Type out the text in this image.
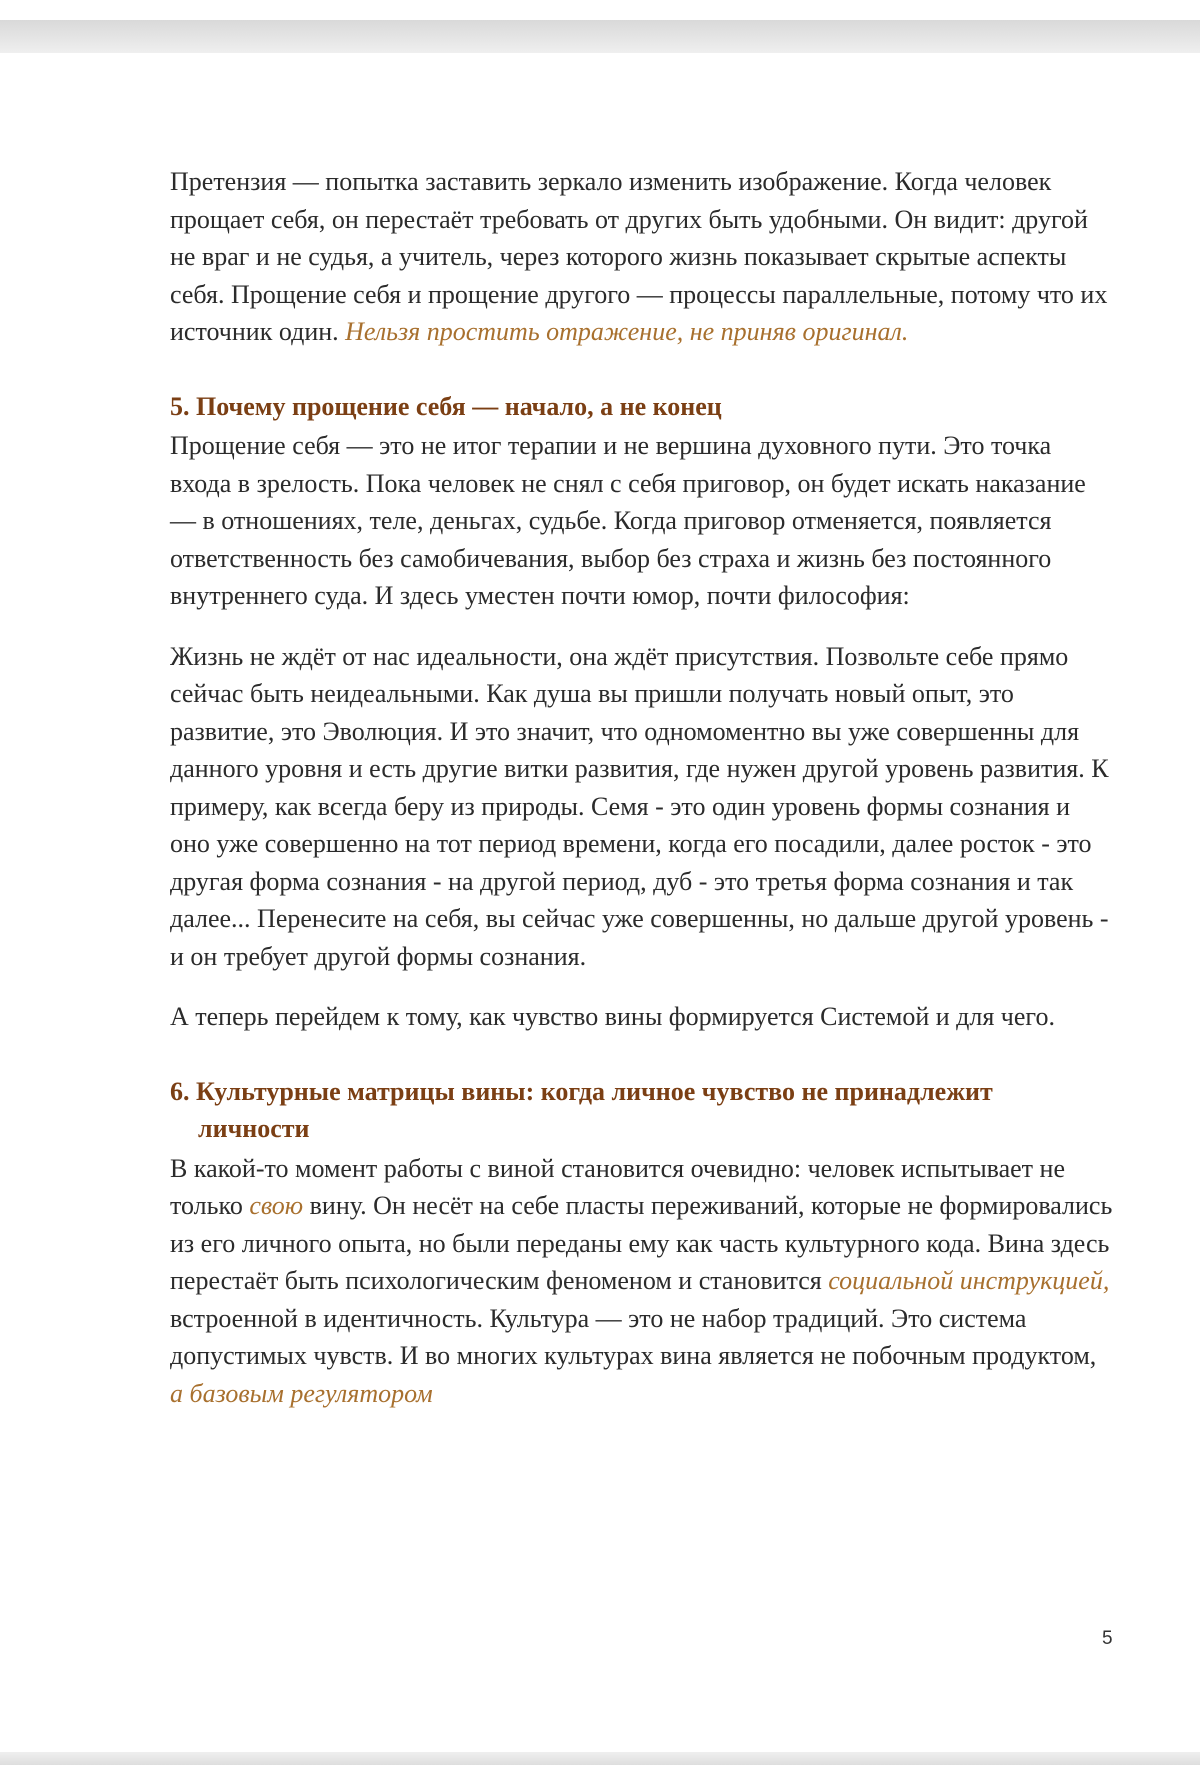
Претензия — попытка заставить зеркало изменить изображение. Когда человек прощает себя, он перестаёт требовать от других быть удобными. Он видит: другой не враг и не судья, а учитель, через которого жизнь показывает скрытые аспекты себя. Прощение себя и прощение другого — процессы параллельные, потому что их источник один. Нельзя простить отражение, не приняв оригинал.

5. Почему прощение себя — начало, а не конец

Прощение себя — это не итог терапии и не вершина духовного пути. Это точка входа в зрелость. Пока человек не снял с себя приговор, он будет искать наказание — в отношениях, теле, деньгах, судьбе. Когда приговор отменяется, появляется ответственность без самобичевания, выбор без страха и жизнь без постоянного внутреннего суда. И здесь уместен почти юмор, почти философия:

Жизнь не ждёт от нас идеальности, она ждёт присутствия. Позвольте себе прямо сейчас быть неидеальными. Как душа вы пришли получать новый опыт, это развитие, это Эволюция. И это значит, что одномоментно вы уже совершенны для данного уровня и есть другие витки развития, где нужен другой уровень развития. К примеру, как всегда беру из природы. Семя - это один уровень формы сознания и оно уже совершенно на тот период времени, когда его посадили, далее росток - это другая форма сознания - на другой период, дуб - это третья форма сознания и так далее... Перенесите на себя, вы сейчас уже совершенны, но дальше другой уровень - и он требует другой формы сознания.

А теперь перейдем к тому, как чувство вины формируется Системой и для чего.

6. Культурные матрицы вины: когда личное чувство не принадлежит
личности

В какой-то момент работы с виной становится очевидно: человек испытывает не только свою вину. Он несёт на себе пласты переживаний, которые не формировались из его личного опыта, но были переданы ему как часть культурного кода. Вина здесь перестаёт быть психологическим феноменом и становится социальной инструкцией, встроенной в идентичность. Культура — это не набор традиций. Это система допустимых чувств. И во многих культурах вина является не побочным продуктом, а базовым регулятором

5
